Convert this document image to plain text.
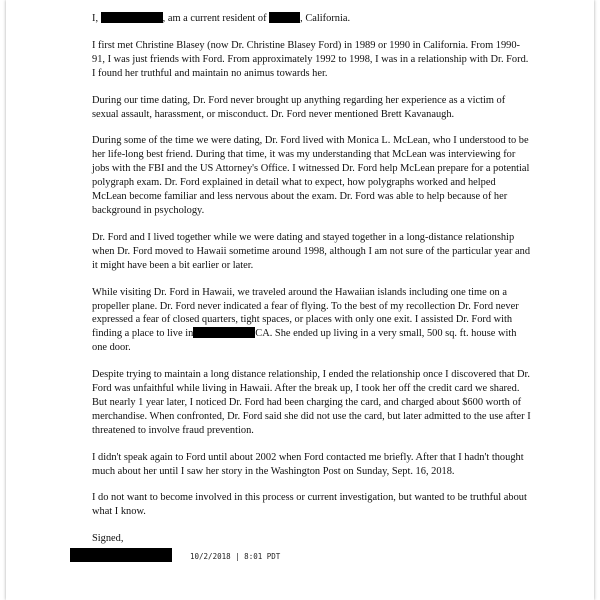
I,	, am a current resident of	, California.

I first met Christine Blasey (now Dr. Christine Blasey Ford) in 1989 or 1990 in California. From 1990-91, I was just friends with Ford. From approximately 1992 to 1998, I was in a relationship with Dr. Ford. I found her truthful and maintain no animus towards her.

During our time dating, Dr. Ford never brought up anything regarding her experience as a victim of sexual assault, harassment, or misconduct. Dr. Ford never mentioned Brett Kavanaugh.

During some of the time we were dating, Dr. Ford lived with Monica L. McLean, who I understood to be her life-long best friend. During that time, it was my understanding that McLean was interviewing for jobs with the FBI and the US Attorney's Office. I witnessed Dr. Ford help McLean prepare for a potential polygraph exam. Dr. Ford explained in detail what to expect, how polygraphs worked and helped McLean become familiar and less nervous about the exam. Dr. Ford was able to help because of her background in psychology.

Dr. Ford and I lived together while we were dating and stayed together in a long-distance relationship when Dr. Ford moved to Hawaii sometime around 1998, although I am not sure of the particular year and it might have been a bit earlier or later.

While visiting Dr. Ford in Hawaii, we traveled around the Hawaiian islands including one time on a propeller plane. Dr. Ford never indicated a fear of flying. To the best of my recollection Dr. Ford never expressed a fear of closed quarters, tight spaces, or places with only one exit. I assisted Dr. Ford with finding a place to live in	CA. She ended up living in a very small, 500 sq. ft. house with one door.

Despite trying to maintain a long distance relationship, I ended the relationship once I discovered that Dr. Ford was unfaithful while living in Hawaii. After the break up, I took her off the credit card we shared. But nearly 1 year later, I noticed Dr. Ford had been charging the card, and charged about $600 worth of merchandise. When confronted, Dr. Ford said she did not use the card, but later admitted to the use after I threatened to involve fraud prevention.

I didn't speak again to Ford until about 2002 when Ford contacted me briefly. After that I hadn't thought much about her until I saw her story in the Washington Post on Sunday, Sept. 16, 2018.

I do not want to become involved in this process or current investigation, but wanted to be truthful about what I know.

Signed,

10/2/2018 | 8:01 PDT
